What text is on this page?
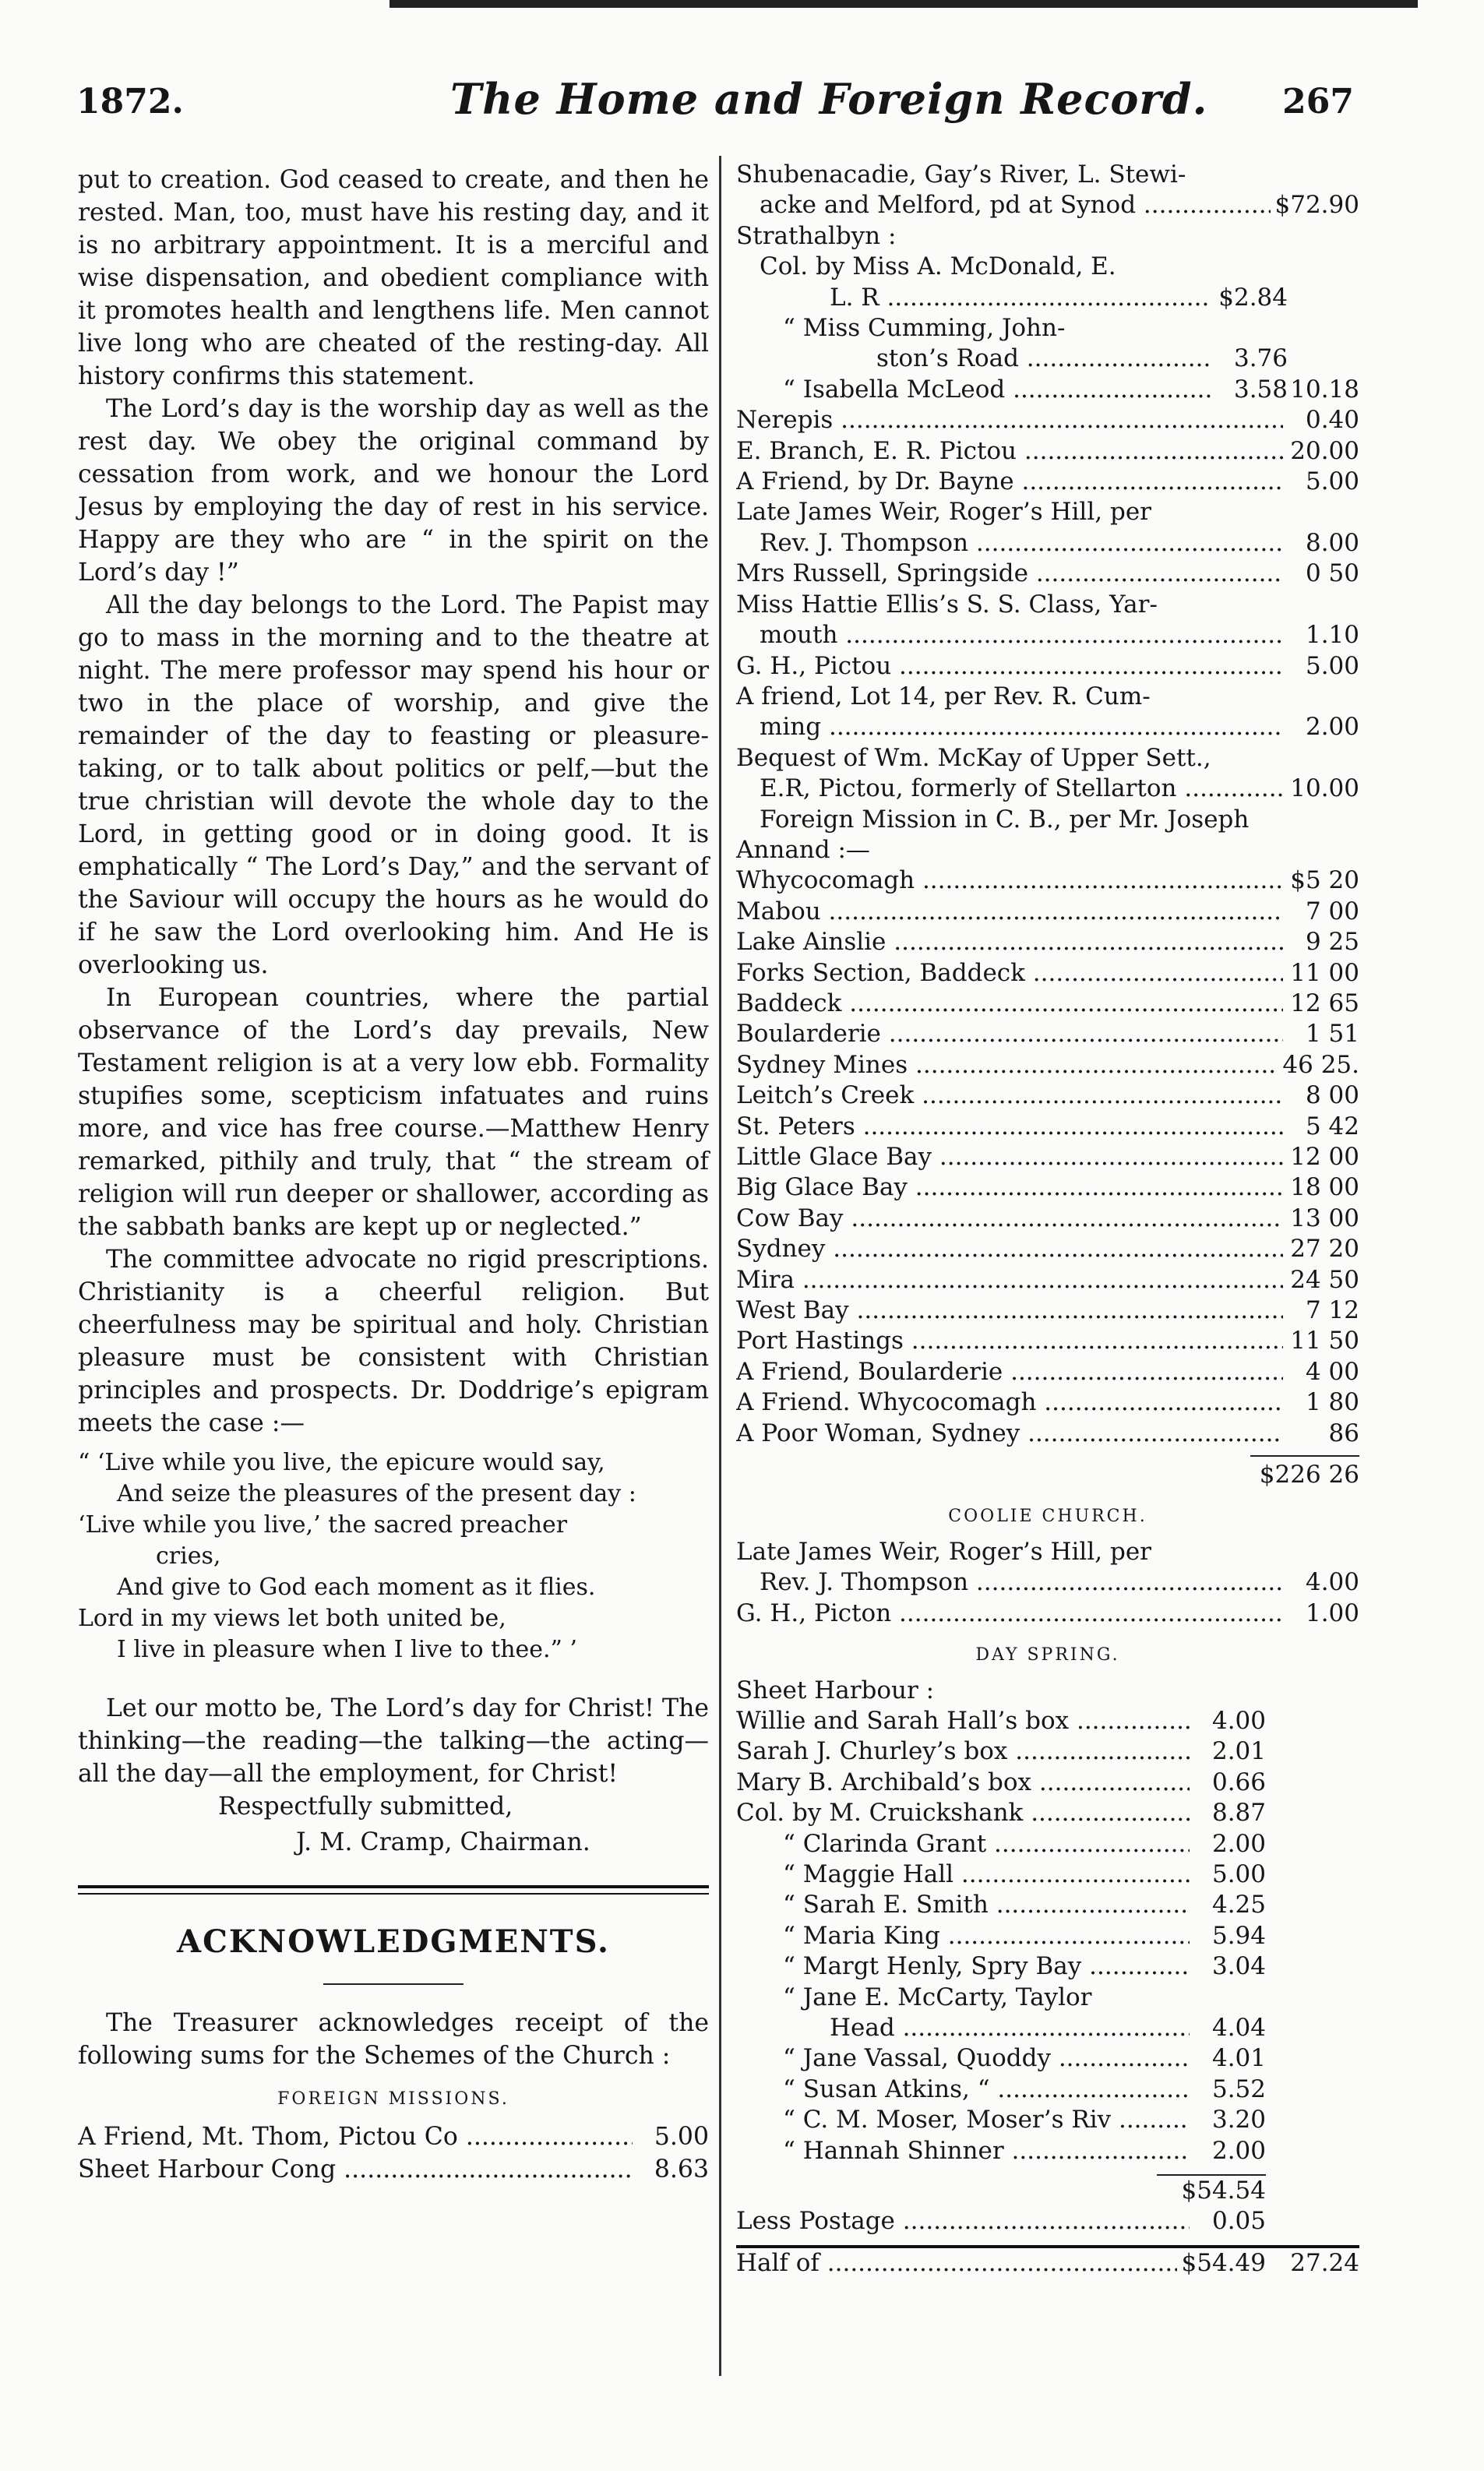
1872.	The Home and Foreign Record. 267

put to creation. God ceased to create, and then he rested. Man, too, must have his resting day, and it is no arbitrary appointment. It is a merciful and wise dispensation, and obedient compliance with it promotes health and lengthens life. Men cannot live long who are cheated of the resting-day. All history confirms this statement.

The Lord’s day is the worship day as well as the rest day. We obey the original command by cessation from work, and we honour the Lord Jesus by employing the day of rest in his service. Happy are they who are “ in the spirit on the Lord’s day !”

All the day belongs to the Lord. The Papist may go to mass in the morning and to the theatre at night. The mere professor may spend his hour or two in the place of worship, and give the remainder of the day to feasting or pleasure-taking, or to talk about politics or pelf,—but the true christian will devote the whole day to the Lord, in getting good or in doing good. It is emphatically “ The Lord’s Day,” and the servant of the Saviour will occupy the hours as he would do if he saw the Lord overlooking him. And He is overlooking us.

In European countries, where the partial observance of the Lord’s day prevails, New Testament religion is at a very low ebb. Formality stupifies some, scepticism infatuates and ruins more, and vice has free course.—Matthew Henry remarked, pithily and truly, that “ the stream of religion will run deeper or shallower, according as the sabbath banks are kept up or neglected.”

The committee advocate no rigid prescriptions. Christianity is a cheerful religion. But cheerfulness may be spiritual and holy. Christian pleasure must be consistent with Christian principles and prospects. Dr. Doddrige’s epigram meets the case :—

“ ‘Live while you live, the epicure would say,
And seize the pleasures of the present day :
‘Live while you live,’ the sacred preacher
cries,
And give to God each moment as it flies.
Lord in my views let both united be,
I live in pleasure when I live to thee.” ’

Let our motto be, The Lord’s day for Christ! The thinking—the reading—the talking—the acting—all the day—all the employment, for Christ!

Respectfully submitted,
J. M. Cramp, Chairman.
ACKNOWLEDGMENTS.

The Treasurer acknowledges receipt of the following sums for the Schemes of the Church :

FOREIGN MISSIONS.
A Friend, Mt. Thom, Pictou Co .....	5.00
Sheet Harbour Cong .....	8.63
Shubenacadie, Gay’s River, L. Stewi-
acke and Melford, pd at Synod .....	$72.90
Strathalbyn :
Col. by Miss A. McDonald, E.
L. R .....	$2.84
“ Miss Cumming, John-
ston’s Road .....	3.76
“ Isabella McLeod .....	3.58 10.18
Nerepis .....	0.40
E. Branch, E. R. Pictou .....	20.00
A Friend, by Dr. Bayne .....	5.00
Late James Weir, Roger’s Hill, per
Rev. J. Thompson .....	8.00
Mrs Russell, Springside .....	0 50
Miss Hattie Ellis’s S. S. Class, Yar-
mouth .....	1.10
G. H., Pictou .....	5.00
A friend, Lot 14, per Rev. R. Cum-
ming .....	2.00
Bequest of Wm. McKay of Upper Sett.,
E.R, Pictou, formerly of Stellarton .....	10.00
Foreign Mission in C. B., per Mr. Joseph
Annand :—
Whycocomagh .....	$5 20
Mabou .....	7 00
Lake Ainslie .....	9 25
Forks Section, Baddeck .....	11 00
Baddeck .....	12 65
Boularderie .....	1 51
Sydney Mines .....	46 25.
Leitch’s Creek .....	8 00
St. Peters .....	5 42
Little Glace Bay .....	12 00
Big Glace Bay .....	18 00
Cow Bay .....	13 00
Sydney .....	27 20
Mira .....	24 50
West Bay .....	7 12
Port Hastings .....	11 50
A Friend, Boularderie .....	4 00
A Friend. Whycocomagh .....	1 80
A Poor Woman, Sydney .....	86
$226 26
COOLIE CHURCH.
Late James Weir, Roger’s Hill, per
Rev. J. Thompson .....	4.00
G. H., Picton .....	1.00
DAY SPRING.
Sheet Harbour :
Willie and Sarah Hall’s box .....	4.00
Sarah J. Churley’s box .....	2.01
Mary B. Archibald’s box .....	0.66
Col. by M. Cruickshank .....	8.87
“ Clarinda Grant .....	2.00
“ Maggie Hall .....	5.00
“ Sarah E. Smith .....	4.25
“ Maria King .....	5.94
“ Margt Henly, Spry Bay .....	3.04
“ Jane E. McCarty, Taylor
Head .....	4.04
“ Jane Vassal, Quoddy .....	4.01
“ Susan Atkins, “ .....	5.52
“ C. M. Moser, Moser’s Riv .....	3.20
“ Hannah Shinner .....	2.00
$54.54
Less Postage .....	0.05
Half of .....	$54.49	27.24
